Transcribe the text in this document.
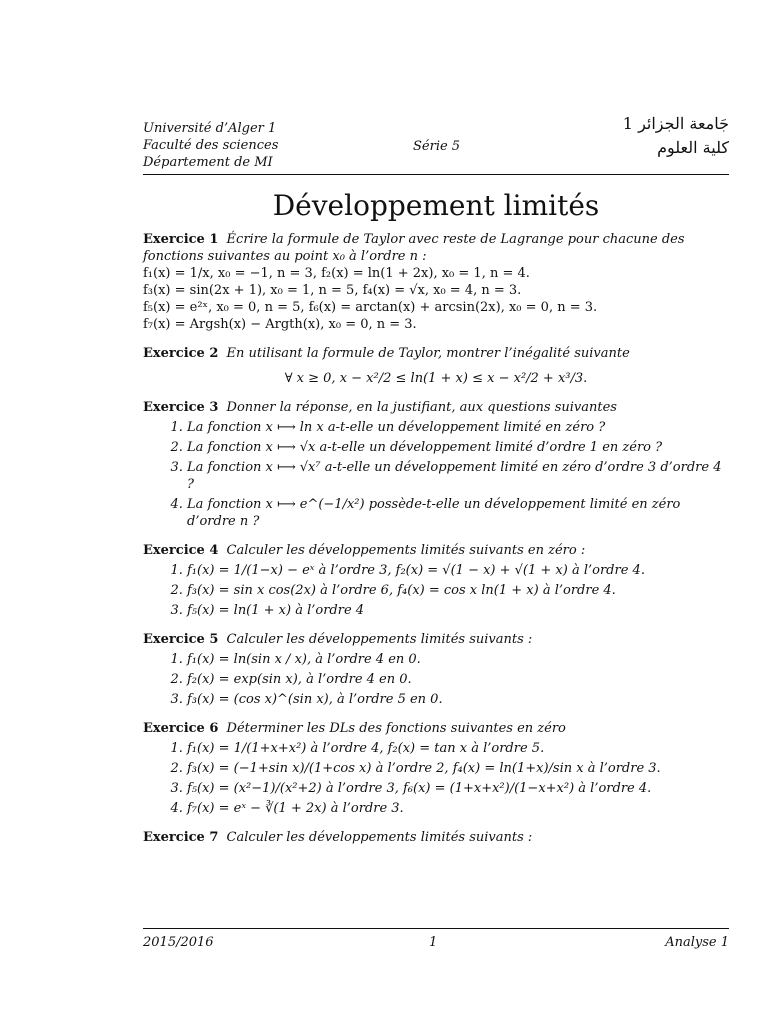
Université d’Alger 1
Faculté des sciences
Département de MI
Série 5
جَامعة الجزائر 1
كلية العلوم
Développement limités
Exercice 1 Écrire la formule de Taylor avec reste de Lagrange pour chacune des fonctions suivantes au point x₀ à l’ordre n :
f₁(x) = 1/x, x₀ = −1, n = 3, f₂(x) = ln(1 + 2x), x₀ = 1, n = 4.
f₃(x) = sin(2x + 1), x₀ = 1, n = 5, f₄(x) = √x, x₀ = 4, n = 3.
f₅(x) = e²ˣ, x₀ = 0, n = 5, f₆(x) = arctan(x) + arcsin(2x), x₀ = 0, n = 3.
f₇(x) = Argsh(x) − Argth(x), x₀ = 0, n = 3.
Exercice 2 En utilisant la formule de Taylor, montrer l’inégalité suivante
∀ x ≥ 0, x − x²/2 ≤ ln(1 + x) ≤ x − x²/2 + x³/3.
Exercice 3 Donner la réponse, en la justifiant, aux questions suivantes
1. La fonction x ⟼ ln x a-t-elle un développement limité en zéro ?
2. La fonction x ⟼ √x a-t-elle un développement limité d’ordre 1 en zéro ?
3. La fonction x ⟼ √x⁷ a-t-elle un développement limité en zéro d’ordre 3 d’ordre 4 ?
4. La fonction x ⟼ e^(−1/x²) possède-t-elle un développement limité en zéro d’ordre n ?
Exercice 4 Calculer les développements limités suivants en zéro :
1. f₁(x) = 1/(1−x) − eˣ à l’ordre 3, f₂(x) = √(1 − x) + √(1 + x) à l’ordre 4.
2. f₃(x) = sin x cos(2x) à l’ordre 6, f₄(x) = cos x ln(1 + x) à l’ordre 4.
3. f₅(x) = ln(1 + x) à l’ordre 4
Exercice 5 Calculer les développements limités suivants :
1. f₁(x) = ln(sin x / x), à l’ordre 4 en 0.
2. f₂(x) = exp(sin x), à l’ordre 4 en 0.
3. f₃(x) = (cos x)^(sin x), à l’ordre 5 en 0.
Exercice 6 Déterminer les DLs des fonctions suivantes en zéro
1. f₁(x) = 1/(1+x+x²) à l’ordre 4, f₂(x) = tan x à l’ordre 5.
2. f₃(x) = (−1+sin x)/(1+cos x) à l’ordre 2, f₄(x) = ln(1+x)/sin x à l’ordre 3.
3. f₅(x) = (x²−1)/(x²+2) à l’ordre 3, f₆(x) = (1+x+x²)/(1−x+x²) à l’ordre 4.
4. f₇(x) = eˣ − ∛(1 + 2x) à l’ordre 3.
Exercice 7 Calculer les développements limités suivants :
2015/2016	1	Analyse 1
